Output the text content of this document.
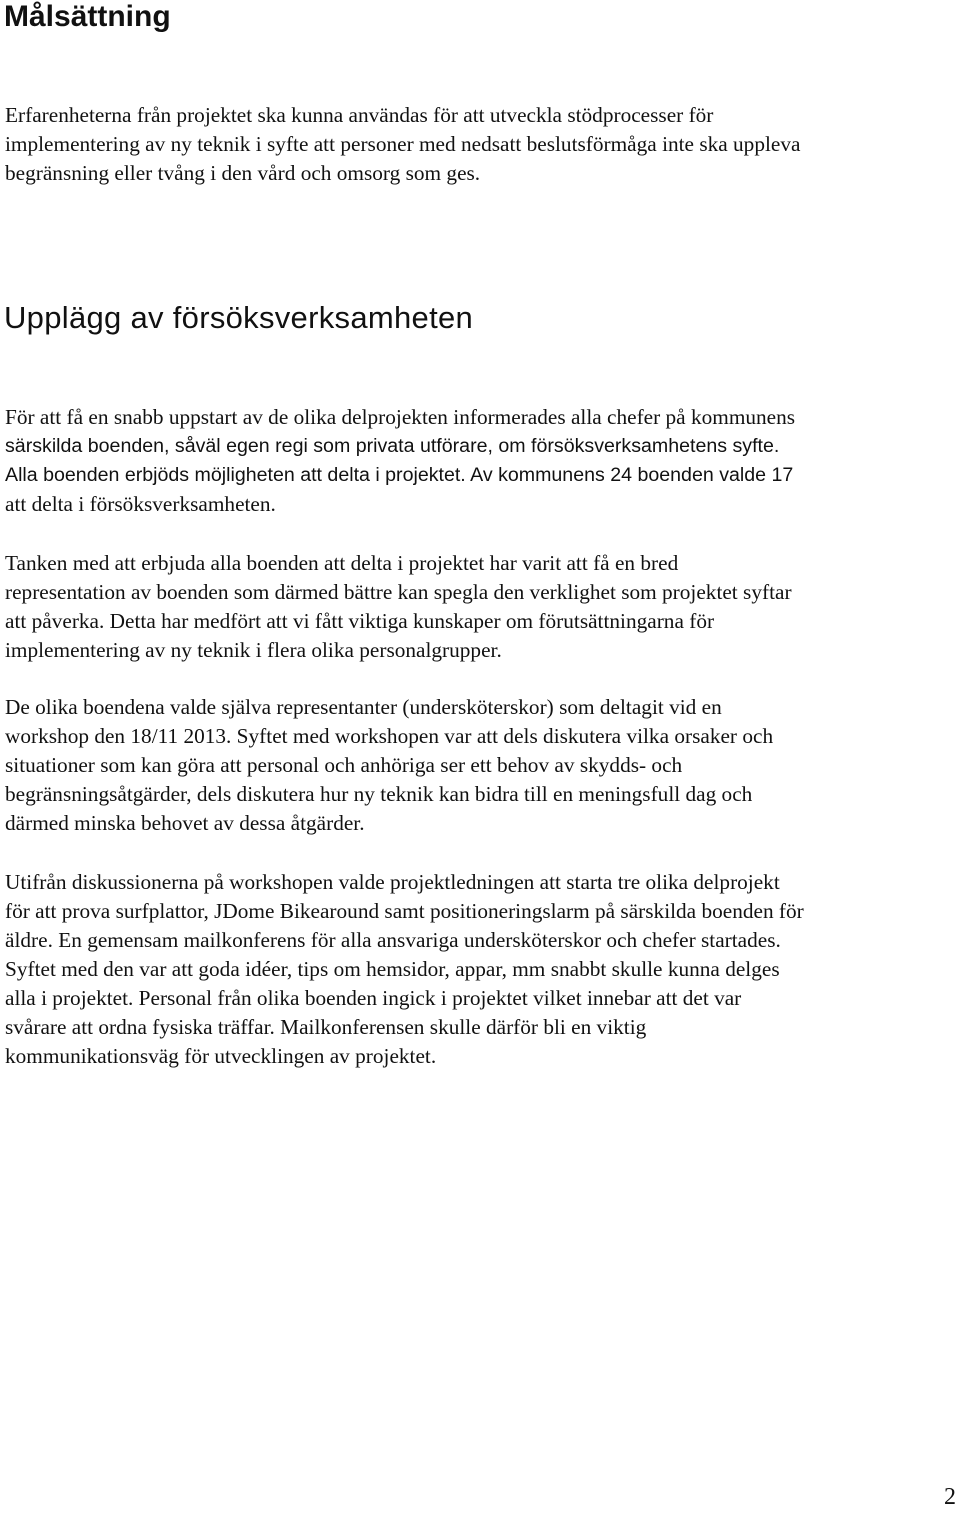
Målsättning

Erfarenheterna från projektet ska kunna användas för att utveckla stödprocesser för
implementering av ny teknik i syfte att personer med nedsatt beslutsförmåga inte ska uppleva
begränsning eller tvång i den vård och omsorg som ges.

Upplägg av försöksverksamheten

För att få en snabb uppstart av de olika delprojekten informerades alla chefer på kommunens
särskilda boenden, såväl egen regi som privata utförare, om försöksverksamhetens syfte.
Alla boenden erbjöds möjligheten att delta i projektet. Av kommunens 24 boenden valde 17
att delta i försöksverksamheten.

Tanken med att erbjuda alla boenden att delta i projektet har varit att få en bred
representation av boenden som därmed bättre kan spegla den verklighet som projektet syftar
att påverka. Detta har medfört att vi fått viktiga kunskaper om förutsättningarna för
implementering av ny teknik i flera olika personalgrupper.

De olika boendena valde själva representanter (undersköterskor) som deltagit vid en
workshop den 18/11 2013. Syftet med workshopen var att dels diskutera vilka orsaker och
situationer som kan göra att personal och anhöriga ser ett behov av skydds- och
begränsningsåtgärder, dels diskutera hur ny teknik kan bidra till en meningsfull dag och
därmed minska behovet av dessa åtgärder.

Utifrån diskussionerna på workshopen valde projektledningen att starta tre olika delprojekt
för att prova surfplattor, JDome Bikearound samt positioneringslarm på särskilda boenden för
äldre. En gemensam mailkonferens för alla ansvariga undersköterskor och chefer startades.
Syftet med den var att goda idéer, tips om hemsidor, appar, mm snabbt skulle kunna delges
alla i projektet. Personal från olika boenden ingick i projektet vilket innebar att det var
svårare att ordna fysiska träffar. Mailkonferensen skulle därför bli en viktig
kommunikationsväg för utvecklingen av projektet.

2
